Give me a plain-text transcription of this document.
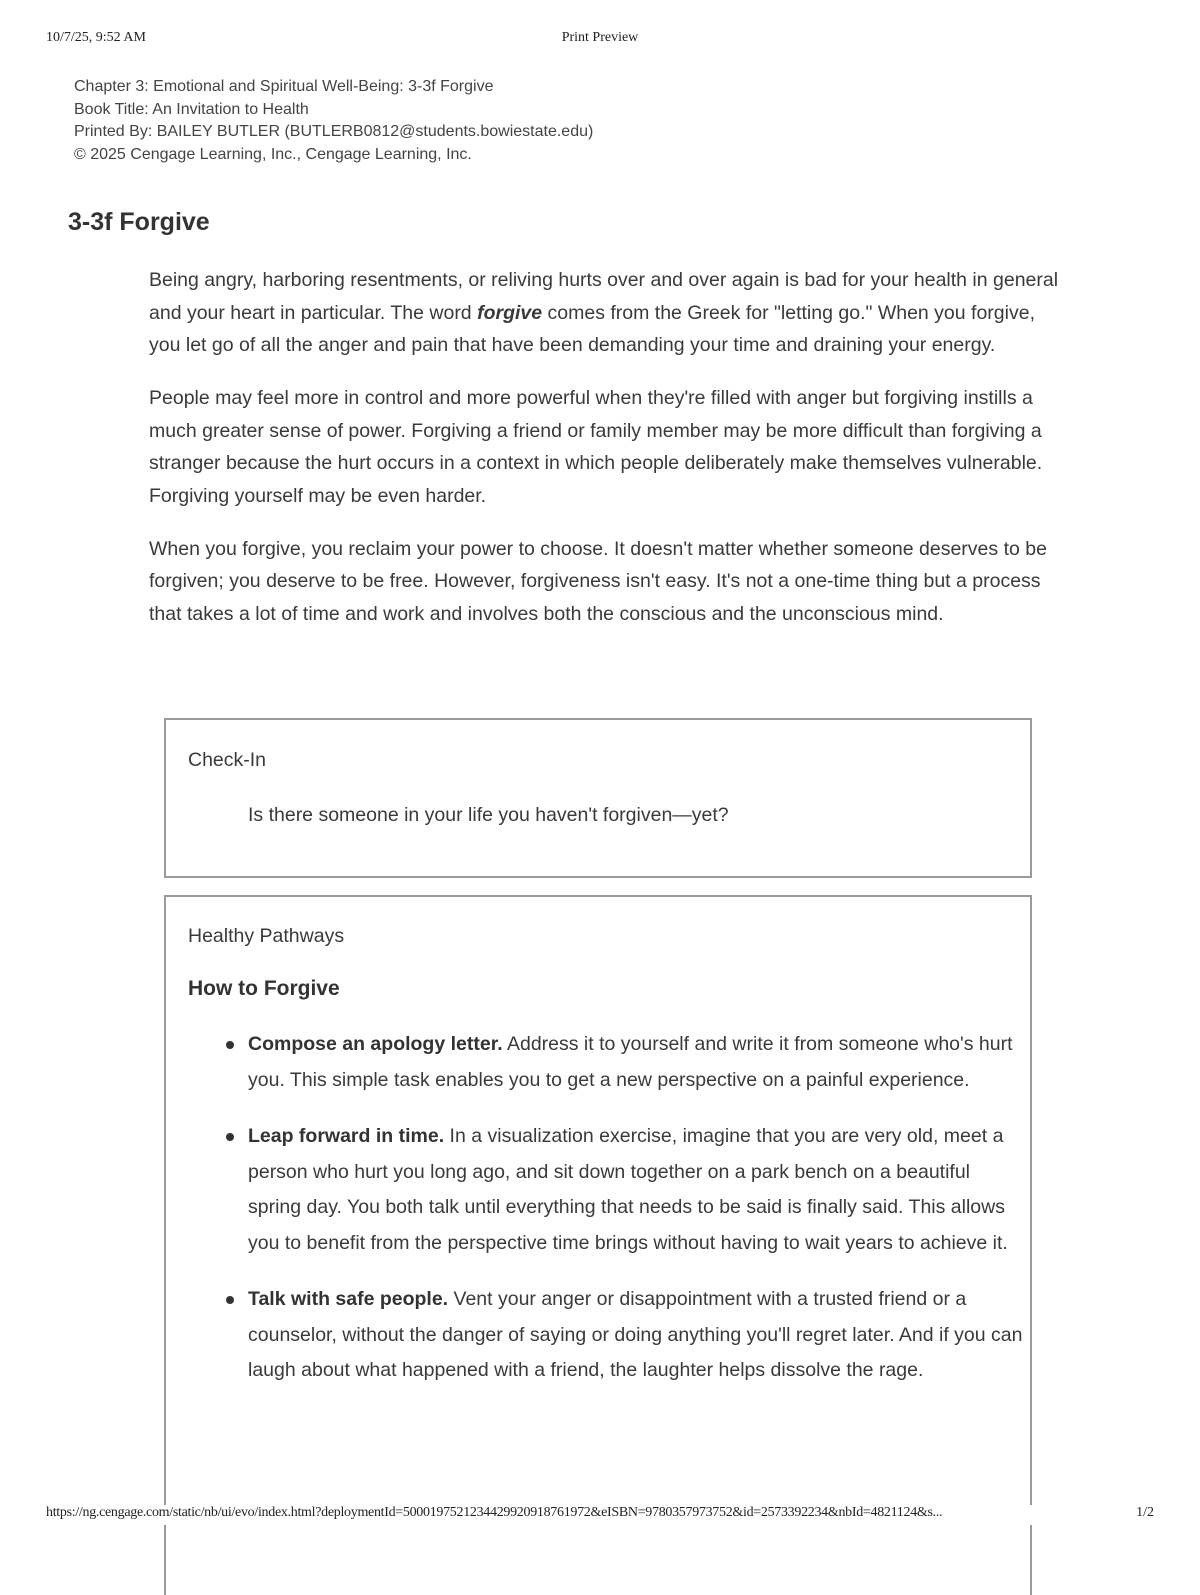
10/7/25, 9:52 AM	Print Preview
Chapter 3: Emotional and Spiritual Well-Being: 3-3f Forgive
Book Title: An Invitation to Health
Printed By: BAILEY BUTLER (BUTLERB0812@students.bowiestate.edu)
© 2025 Cengage Learning, Inc., Cengage Learning, Inc.
3-3f Forgive

Being angry, harboring resentments, or reliving hurts over and over again is bad for your health in general and your heart in particular. The word forgive comes from the Greek for "letting go." When you forgive, you let go of all the anger and pain that have been demanding your time and draining your energy.

People may feel more in control and more powerful when they're filled with anger but forgiving instills a much greater sense of power. Forgiving a friend or family member may be more difficult than forgiving a stranger because the hurt occurs in a context in which people deliberately make themselves vulnerable. Forgiving yourself may be even harder.

When you forgive, you reclaim your power to choose. It doesn't matter whether someone deserves to be forgiven; you deserve to be free. However, forgiveness isn't easy. It's not a one-time thing but a process that takes a lot of time and work and involves both the conscious and the unconscious mind.

Check-In
Is there someone in your life you haven't forgiven—yet?
Healthy Pathways
How to Forgive
Compose an apology letter. Address it to yourself and write it from someone who's hurt you. This simple task enables you to get a new perspective on a painful experience.
Leap forward in time. In a visualization exercise, imagine that you are very old, meet a person who hurt you long ago, and sit down together on a park bench on a beautiful spring day. You both talk until everything that needs to be said is finally said. This allows you to benefit from the perspective time brings without having to wait years to achieve it.
Talk with safe people. Vent your anger or disappointment with a trusted friend or a counselor, without the danger of saying or doing anything you'll regret later. And if you can laugh about what happened with a friend, the laughter helps dissolve the rage.
https://ng.cengage.com/static/nb/ui/evo/index.html?deploymentId=5000197521234429920918761972&eISBN=9780357973752&id=2573392234&nbId=4821124&s...	1/2
